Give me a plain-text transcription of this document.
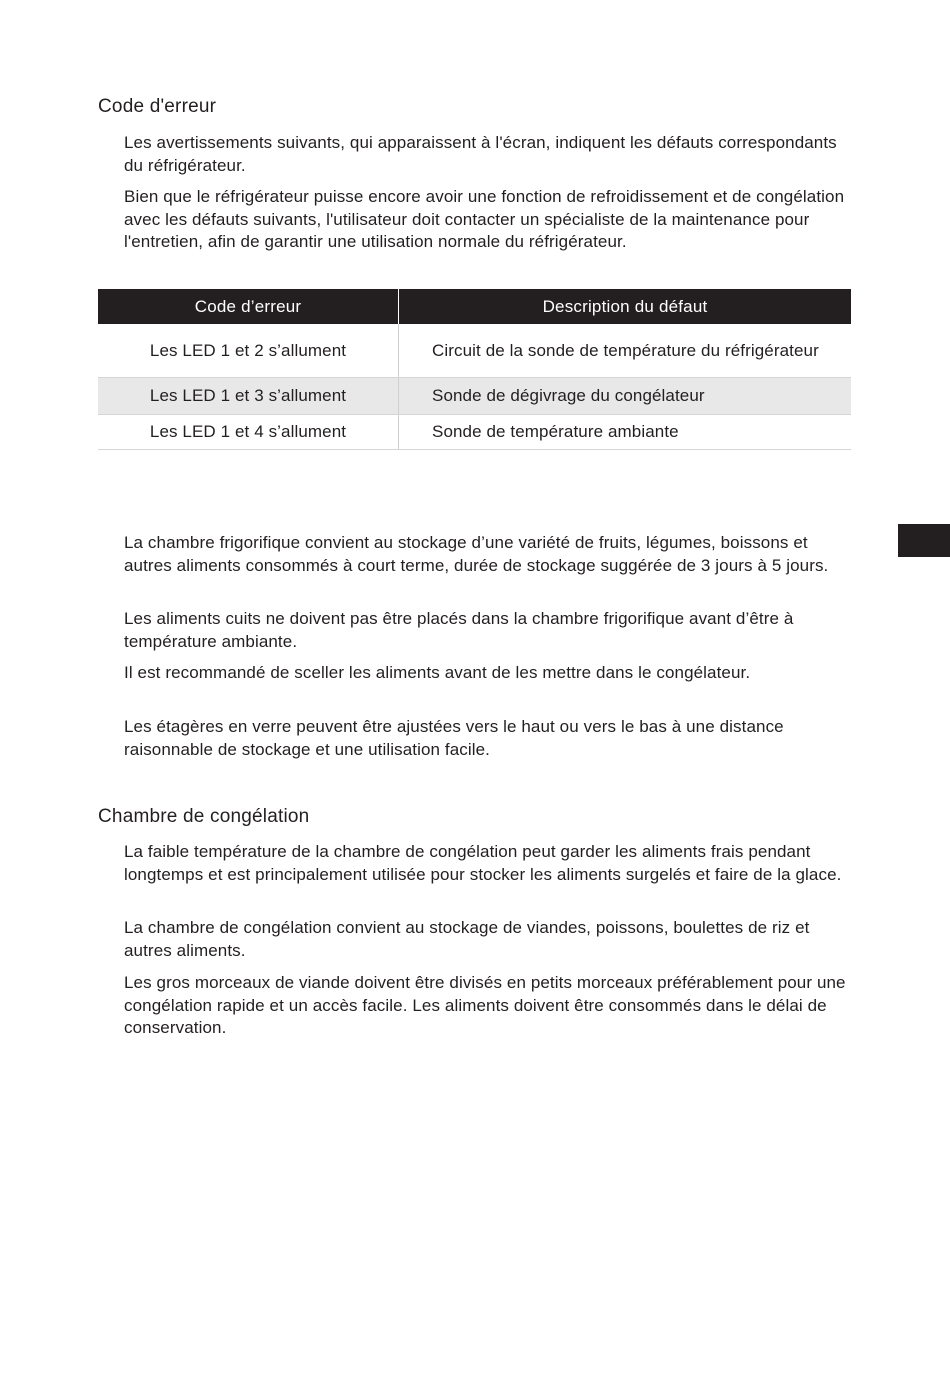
Code d'erreur

Les avertissements suivants, qui apparaissent à l'écran, indiquent les défauts correspondants du réfrigérateur.

Bien que le réfrigérateur puisse encore avoir une fonction de refroidissement et de congélation avec les défauts suivants, l'utilisateur doit contacter un spécialiste de la maintenance pour l'entretien, afin de garantir une utilisation normale du réfrigérateur.

Code d’erreur	Description du défaut
Les LED 1 et 2 s’allument	Circuit de la sonde de température du réfrigérateur
Les LED 1 et 3 s’allument	Sonde de dégivrage du congélateur
Les LED 1 et 4 s’allument	Sonde de température ambiante

La chambre frigorifique convient au stockage d’une variété de fruits, légumes, boissons et autres aliments consommés à court terme, durée de stockage suggérée de 3 jours à 5 jours.

Les aliments cuits ne doivent pas être placés dans la chambre frigorifique avant d’être à température ambiante.

Il est recommandé de sceller les aliments avant de les mettre dans le congélateur.

Les étagères en verre peuvent être ajustées vers le haut ou vers le bas à une distance raisonnable de stockage et une utilisation facile.

Chambre de congélation

La faible température de la chambre de congélation peut garder les aliments frais pendant longtemps et est principalement utilisée pour stocker les aliments surgelés et faire de la glace.

La chambre de congélation convient au stockage de viandes, poissons, boulettes de riz et autres aliments.

Les gros morceaux de viande doivent être divisés en petits morceaux préférablement pour une congélation rapide et un accès facile. Les aliments doivent être consommés dans le délai de conservation.
